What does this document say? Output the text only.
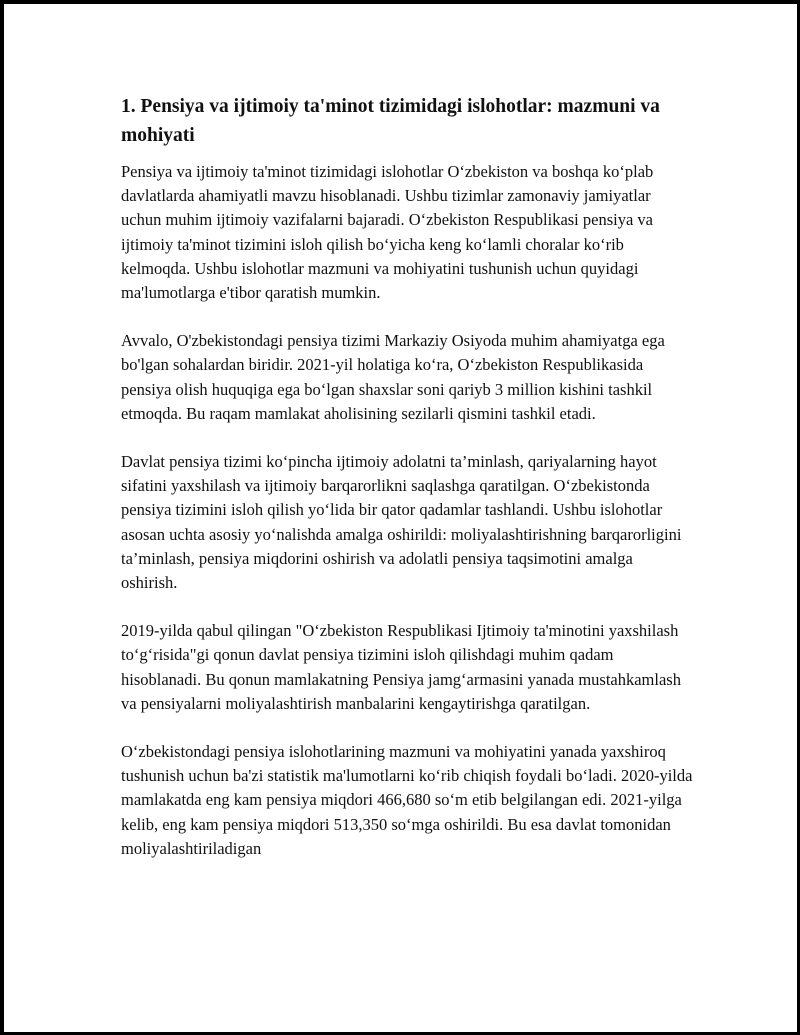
1. Pensiya va ijtimoiy ta'minot tizimidagi islohotlar: mazmuni va mohiyati

Pensiya va ijtimoiy ta'minot tizimidagi islohotlar O‘zbekiston va boshqa ko‘plab davlatlarda ahamiyatli mavzu hisoblanadi. Ushbu tizimlar zamonaviy jamiyatlar uchun muhim ijtimoiy vazifalarni bajaradi. O‘zbekiston Respublikasi pensiya va ijtimoiy ta'minot tizimini isloh qilish bo‘yicha keng ko‘lamli choralar ko‘rib kelmoqda. Ushbu islohotlar mazmuni va mohiyatini tushunish uchun quyidagi ma'lumotlarga e'tibor qaratish mumkin.

Avvalo, O'zbekistondagi pensiya tizimi Markaziy Osiyoda muhim ahamiyatga ega bo'lgan sohalardan biridir. 2021-yil holatiga ko‘ra, O‘zbekiston Respublikasida pensiya olish huquqiga ega bo‘lgan shaxslar soni qariyb 3 million kishini tashkil etmoqda. Bu raqam mamlakat aholisining sezilarli qismini tashkil etadi.

Davlat pensiya tizimi ko‘pincha ijtimoiy adolatni ta’minlash, qariyalarning hayot sifatini yaxshilash va ijtimoiy barqarorlikni saqlashga qaratilgan. O‘zbekistonda pensiya tizimini isloh qilish yo‘lida bir qator qadamlar tashlandi. Ushbu islohotlar asosan uchta asosiy yo‘nalishda amalga oshirildi: moliyalashtirishning barqarorligini ta’minlash, pensiya miqdorini oshirish va adolatli pensiya taqsimotini amalga oshirish.

2019-yilda qabul qilingan "O‘zbekiston Respublikasi Ijtimoiy ta'minotini yaxshilash to‘g‘risida"gi qonun davlat pensiya tizimini isloh qilishdagi muhim qadam hisoblanadi. Bu qonun mamlakatning Pensiya jamg‘armasini yanada mustahkamlash va pensiyalarni moliyalashtirish manbalarini kengaytirishga qaratilgan.

O‘zbekistondagi pensiya islohotlarining mazmuni va mohiyatini yanada yaxshiroq tushunish uchun ba'zi statistik ma'lumotlarni ko‘rib chiqish foydali bo‘ladi. 2020-yilda mamlakatda eng kam pensiya miqdori 466,680 so‘m etib belgilangan edi. 2021-yilga kelib, eng kam pensiya miqdori 513,350 so‘mga oshirildi. Bu esa davlat tomonidan moliyalashtiriladigan
